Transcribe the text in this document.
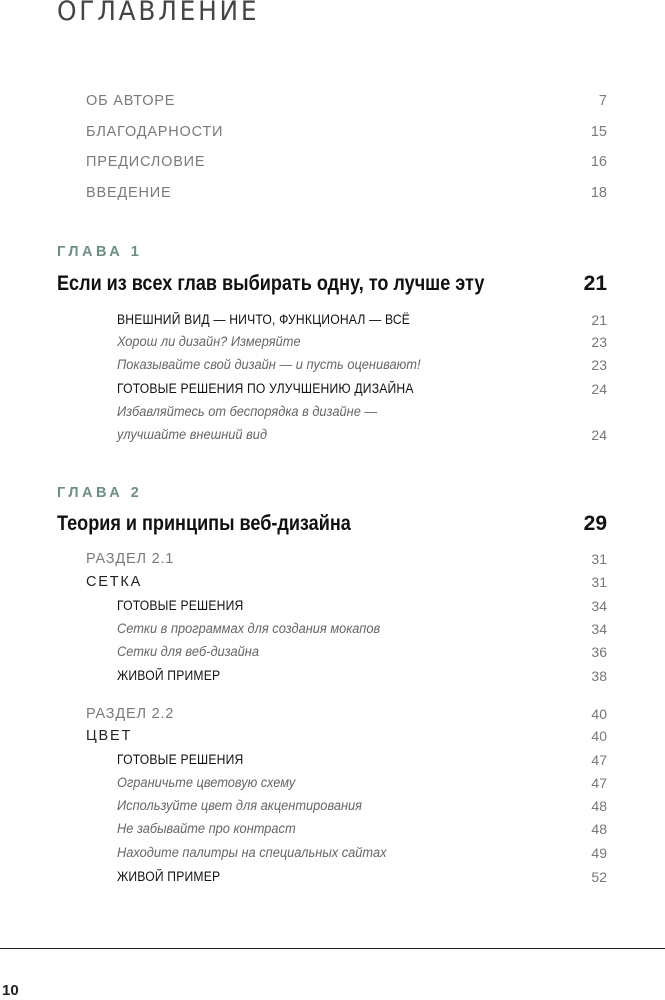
ОГЛАВЛЕНИЕ
ОБ АВТОРЕ	7
БЛАГОДАРНОСТИ	15
ПРЕДИСЛОВИЕ	16
ВВЕДЕНИЕ	18
ГЛАВА 1
Если из всех глав выбирать одну, то лучше эту	21
ВНЕШНИЙ ВИД — НИЧТО, ФУНКЦИОНАЛ — ВСЁ	21
Хорош ли дизайн? Измеряйте	23
Показывайте свой дизайн — и пусть оценивают!	23
ГОТОВЫЕ РЕШЕНИЯ ПО УЛУЧШЕНИЮ ДИЗАЙНА	24
Избавляйтесь от беспорядка в дизайне —
улучшайте внешний вид	24
ГЛАВА 2
Теория и принципы веб-дизайна	29
РАЗДЕЛ 2.1	31
СЕТКА	31
ГОТОВЫЕ РЕШЕНИЯ	34
Сетки в программах для создания мокапов	34
Сетки для веб-дизайна	36
ЖИВОЙ ПРИМЕР	38
РАЗДЕЛ 2.2	40
ЦВЕТ	40
ГОТОВЫЕ РЕШЕНИЯ	47
Ограничьте цветовую схему	47
Используйте цвет для акцентирования	48
Не забывайте про контраст	48
Находите палитры на специальных сайтах	49
ЖИВОЙ ПРИМЕР	52
10
